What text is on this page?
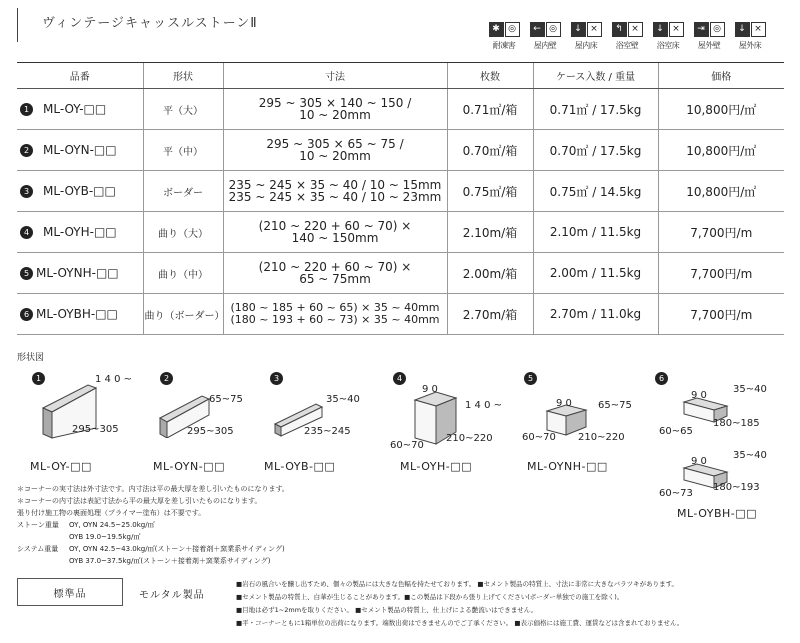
ヴィンテージキャッスルストーンⅡ	✱ ◎
耐凍害
← ◎
屋内壁
↓ ×
屋内床
↰ ×
浴室壁
↓ ×
浴室床
⇥ ◎
屋外壁
↓ ×
屋外床
品番	形状	寸法	枚数	ケース入数 / 重量	価格
1 ML-OY-□□	平（大）	295 ~ 305 × 140 ~ 150 /
10 ~ 20mm	0.71㎡/箱	0.71㎡ / 17.5kg	10,800円/㎡
2 ML-OYN-□□	平（中）	295 ~ 305 × 65 ~ 75 /
10 ~ 20mm	0.70㎡/箱	0.70㎡ / 17.5kg	10,800円/㎡
3 ML-OYB-□□	ボーダー	235 ~ 245 × 35 ~ 40 / 10 ~ 15mm
235 ~ 245 × 35 ~ 40 / 10 ~ 23mm	0.75㎡/箱	0.75㎡ / 14.5kg	10,800円/㎡
4 ML-OYH-□□	曲り（大）	(210 ~ 220 + 60 ~ 70) ×
140 ~ 150mm	2.10m/箱	2.10m / 11.5kg	7,700円/m
5 ML-OYNH-□□	曲り（中）	(210 ~ 220 + 60 ~ 70) ×
65 ~ 75mm	2.00m/箱	2.00m / 11.5kg	7,700円/m
6 ML-OYBH-□□	曲り（ボーダー）	(180 ~ 185 + 60 ~ 65) × 35 ~ 40mm
(180 ~ 193 + 60 ~ 73) × 35 ~ 40mm	2.70m/箱	2.70m / 11.0kg	7,700円/m
形状図
1	1 4 0 ~
295~305
ML-OY-□□
2
65~75
295~305
ML-OYN-□□
3
35~40
235~245
ML-OYB-□□
4
9 0
1 4 0 ~
60~70
210~220
ML-OYH-□□
5
9 0	65~75
60~70 210~220
ML-OYNH-□□
6
9 0
35~40
60~65
180~185
9 0
35~40
60~73
180~193
ML-OYBH-□□
＊コーナーの実寸法は外寸法です。内寸法は平の最大厚を差し引いたものになります。
＊コーナーの内寸法は表記寸法から平の最大厚を差し引いたものになります。
張り付け施工物の裏面処理（プライマー塗布）は不要です。
ストーン重量 OY, OYN 24.5~25.0kg/㎡
OYB 19.0~19.5kg/㎡
システム重量 OY, OYN 42.5~43.0kg/㎡(ストーン＋接着剤＋窯業系サイディング)
OYB 37.0~37.5kg/㎡(ストーン＋接着剤＋窯業系サイディング)
標準品	モルタル製品
■岩石の風合いを醸し出すため、個々の製品には大きな色幅を持たせております。 ■セメント製品の特質上、寸法に非常に大きなバラツキがあります。
■セメント製品の特質上、白華が生じることがあります。■この製品は下段から張り上げてください(ボーダー単独での施工を除く)。
■目地は必ず1~2mmを取りください。 ■セメント製品の特質上、仕上げによる艶流いはできません。
■平・コーナーともに1箱単位の出荷になります。端数出荷はできませんのでご了承ください。 ■表示価格には施工費、運賃などは含まれておりません。
